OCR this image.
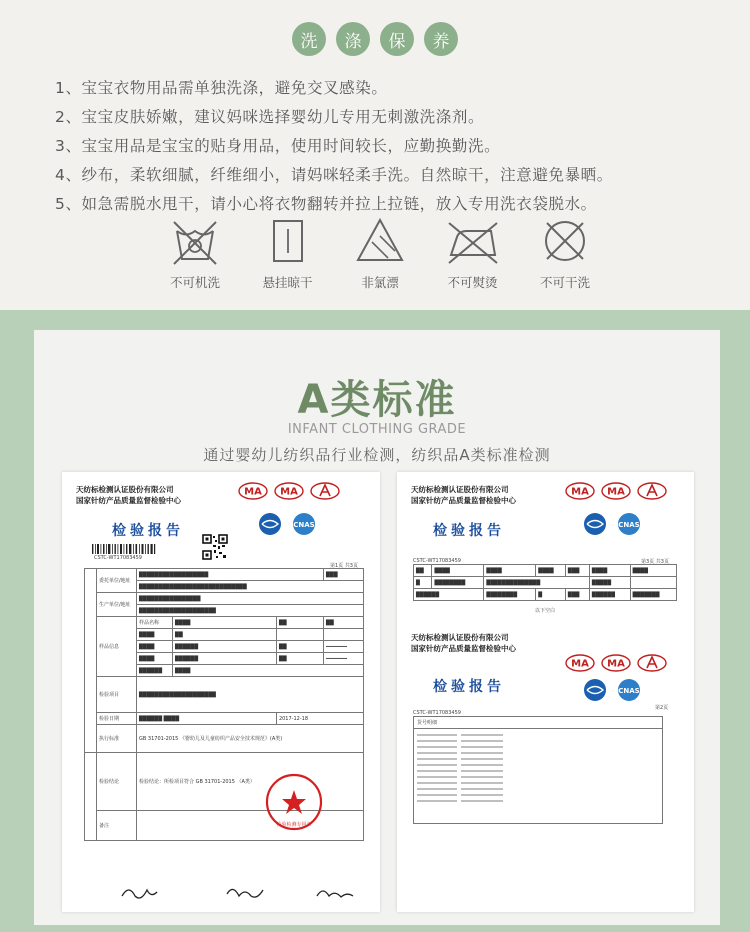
洗	涤	保	养
1、宝宝衣物用品需单独洗涤，避免交叉感染。
2、宝宝皮肤娇嫩，建议妈咪选择婴幼儿专用无刺激洗涤剂。
3、宝宝用品是宝宝的贴身用品，使用时间较长，应勤换勤洗。
4、纱布，柔软细腻，纤维细小，请妈咪轻柔手洗。自然晾干，注意避免暴晒。
5、如急需脱水甩干，请小心将衣物翻转并拉上拉链，放入专用洗衣袋脱水。
不可机洗	悬挂晾干	非氯漂	不可熨烫	不可干洗
A类标准
INFANT CLOTHING GRADE
通过婴幼儿纺织品行业检测，纺织品A类标准检测
天纺标检测认证股份有限公司
国家针纺产品质量监督检验中心
MA MA
检验报告	CNAS
CSTC-WT17083459
第1页 共3页
	委托单位/地址	██████████████████			███
		████████████████████████████			
	生产单位/地址	████████████████			
		████████████████████			
	样品信息	样品名称	████	██	██
		████	██		
		████	██████	██	━━━━━━━
		████	██████	██	━━━━━━━
		██████	████		
	检验项目	████████████████████			
	检验日期	██████ ████		2017-12-18	
	执行标准	GB 31701-2015 《婴幼儿及儿童纺织产品安全技术规范》(A类)			
	检验结论	检验结论：所检项目符合 GB 31701-2015 （A类）			
	备注					检验检测专用章
天纺标检测认证股份有限公司
国家针纺产品质量监督检验中心
MA MA
检验报告	CNAS
CSTC-WT17083459	第3页 共3页
██	████	████	████	███	████	████
█	████████	██████████████			█████	
██████		████████	█	███	██████	███████
以下空白
天纺标检测认证股份有限公司
国家针纺产品质量监督检验中心
MA MA
检验报告	CNAS
第2页
CSTC-WT17083459
货号明细
